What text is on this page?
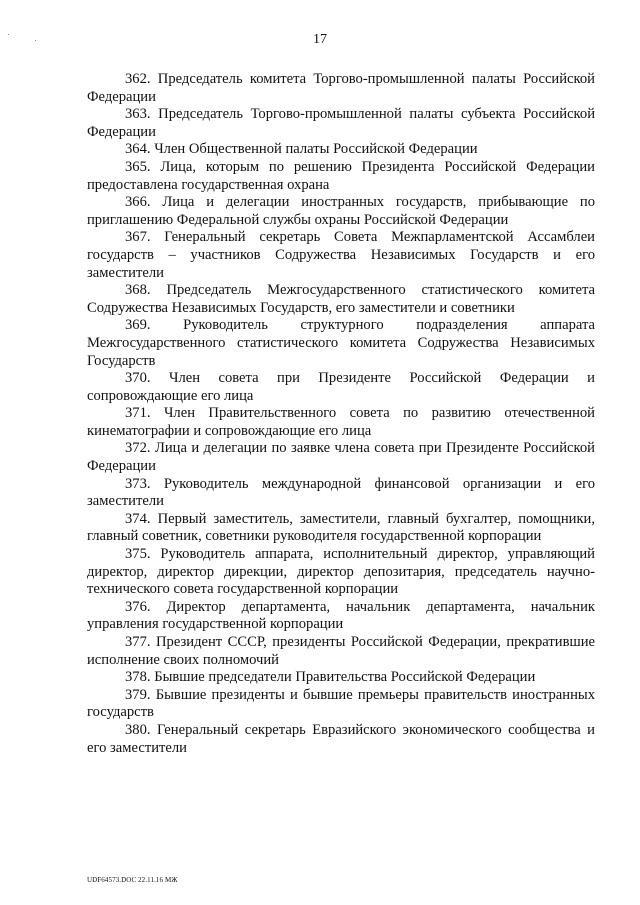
17

362. Председатель комитета Торгово-промышленной палаты Российской Федерации

363. Председатель Торгово-промышленной палаты субъекта Российской Федерации

364. Член Общественной палаты Российской Федерации

365. Лица, которым по решению Президента Российской Федерации предоставлена государственная охрана

366. Лица и делегации иностранных государств, прибывающие по приглашению Федеральной службы охраны Российской Федерации

367. Генеральный секретарь Совета Межпарламентской Ассамблеи государств – участников Содружества Независимых Государств и его заместители

368. Председатель Межгосударственного статистического комитета Содружества Независимых Государств, его заместители и советники

369. Руководитель структурного подразделения аппарата Межгосударственного статистического комитета Содружества Независимых Государств

370. Член совета при Президенте Российской Федерации и сопровождающие его лица

371. Член Правительственного совета по развитию отечественной кинематографии и сопровождающие его лица

372. Лица и делегации по заявке члена совета при Президенте Российской Федерации

373. Руководитель международной финансовой организации и его заместители

374. Первый заместитель, заместители, главный бухгалтер, помощники, главный советник, советники руководителя государственной корпорации

375. Руководитель аппарата, исполнительный директор, управляющий директор, директор дирекции, директор депозитария, председатель научно-технического совета государственной корпорации

376. Директор департамента, начальник департамента, начальник управления государственной корпорации

377. Президент СССР, президенты Российской Федерации, прекратившие исполнение своих полномочий

378. Бывшие председатели Правительства Российской Федерации

379. Бывшие президенты и бывшие премьеры правительств иностранных государств

380. Генеральный секретарь Евразийского экономического сообщества и его заместители

UDF64573.DOC 22.11.16 МЖ
